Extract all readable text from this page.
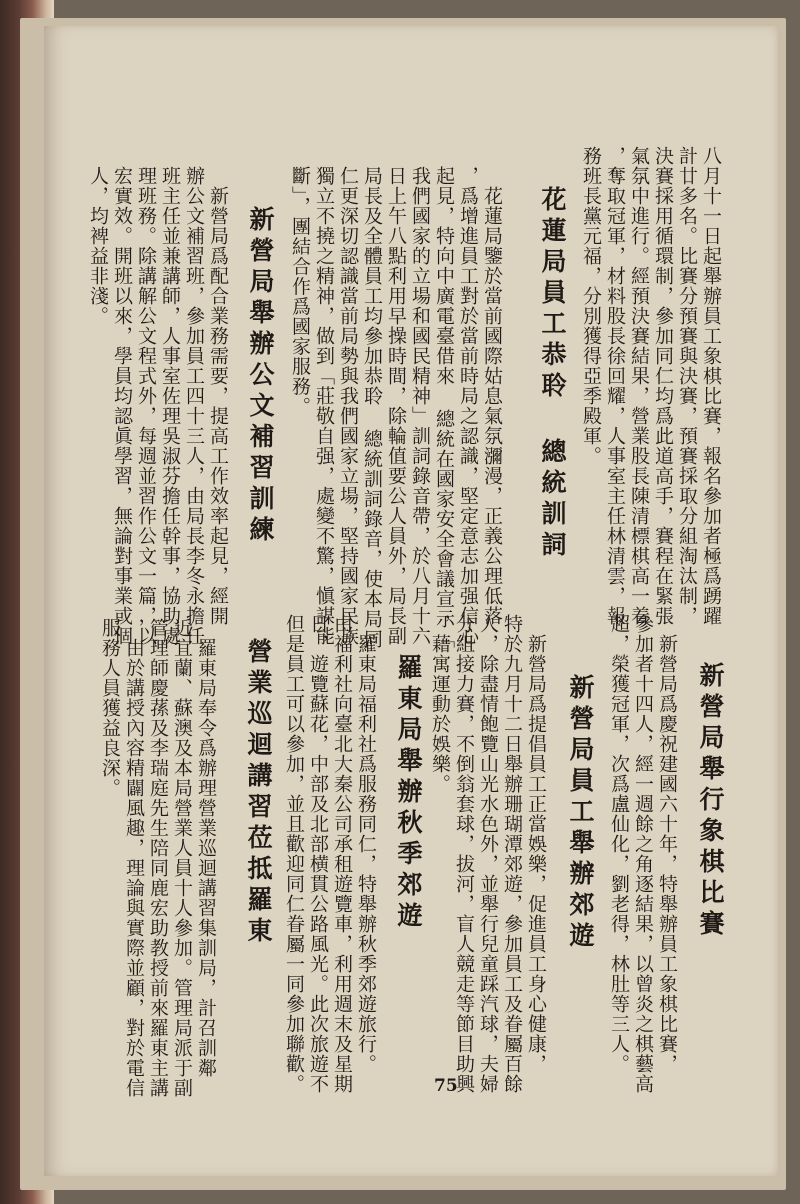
八月十一日起舉辦員工象棋比賽，報名參加者極爲踴躍
計廿多名。比賽分預賽與決賽，預賽採取分組淘汰制，
決賽採用循環制，參加同仁均爲此道高手，賽程在緊張
氣氛中進行。經預決賽結果，營業股長陳清標棋高一着
，奪取冠軍，材料股長徐回耀，人事室主任林清雲，報
務班長黨元福，分別獲得亞季殿軍。
花蓮局員工恭聆 總統訓詞
花蓮局鑒於當前國際姑息氣氛瀰漫，正義公理低落
，爲增進員工對於當前時局之認識，堅定意志加强信心
起見，特向中廣電臺借來 總統在國家安全會議宣示「
我們國家的立場和國民精神」訓詞錄音帶，於八月十六
日上午八點利用早操時間，除輪值要公人員外，局長副
局長及全體員工均參加恭聆 總統訓詞錄音，使本局同
仁更深切認識當前局勢與我們國家立場，堅持國家民族
獨立不撓之精神，做到「莊敬自强，處變不驚，愼謀能
斷」，團結合作爲國家服務。
新營局舉辦公文補習訓練
新營局爲配合業務需要，提高工作效率起見，經開
辦公文補習班，參加員工四十三人，由局長李冬永擔任
班主任並兼講師，人事室佐理吳淑芬擔任幹事，協助處
理班務。除講解公文程式外，每週並習作公文一篇，以
宏實效。開班以來，學員均認眞學習，無論對事業或個
人，均裨益非淺。
新營局舉行象棋比賽
新營局爲慶祝建國六十年，特舉辦員工象棋比賽，
參加者十四人，經一週餘之角逐結果，以曾炎之棋藝高
超，榮獲冠軍，次爲盧仙化，劉老得，林肚等三人。
新營局員工舉辦郊遊
新營局爲提倡員工正當娛樂，促進員工身心健康，
特於九月十二日舉辦珊瑚潭郊遊，參加員工及眷屬百餘
人，除盡情飽覽山光水色外，並舉行兒童踩汽球，夫婦
分組接力賽，不倒翁套球，拔河，盲人競走等節目助興
，藉寓運動於娛樂。
羅東局舉辦秋季郊遊
羅東局福利社爲服務同仁，特舉辦秋季郊遊旅行。
由福利社向臺北大秦公司承租遊覽車，利用週末及星期
日，遊覽蘇花，中部及北部横貫公路風光。此次旅遊不
但是員工可以參加，並且歡迎同仁眷屬一同參加聯歡。
營業巡迴講習莅抵羅東
羅東局奉令爲辦理營業巡迴講習集訓局，計召訓鄰
近宜蘭、蘇澳及本局營業人員十人參加。管理局派于副
管理師慶蓀及李瑞庭先生陪同鹿宏助教授前來羅東主講
，由於講授內容精闢風趣，理論與實際並顧，對於電信
服務人員獲益良深。
75
